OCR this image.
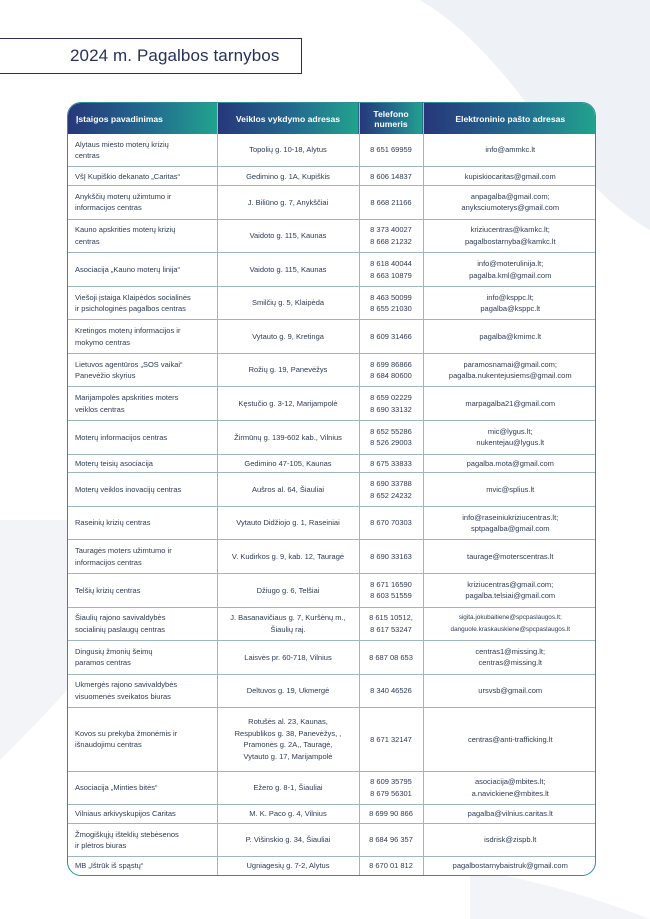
2024 m. Pagalbos tarnybos
Įstaigos pavadinimas	Veiklos vykdymo adresas	Telefono numeris	Elektroninio pašto adresas

Alytaus miesto moterų krizių
centras	Topolių g. 10-18, Alytus	8 651 69959	info@ammkc.lt

VšĮ Kupiškio dekanato „Caritas“	Gedimino g. 1A, Kupiškis	8 606 14837	kupiskiocaritas@gmail.com

Anykščių moterų užimtumo ir
informacijos centras	J. Biliūno g. 7, Anykščiai	8 668 21166	anpagalba@gmail.com;
anyksciumoterys@gmail.com

Kauno apskrities moterų krizių
centras	Vaidoto g. 115, Kaunas	8 373 40027
8 668 21232	kriziucentras@kamkc.lt;
pagalbostarnyba@kamkc.lt

Asociacija „Kauno moterų linija“	Vaidoto g. 115, Kaunas	8 618 40044
8 663 10879	info@moterulinija.lt;
pagalba.kml@gmail.com

Viešoji įstaiga Klaipėdos socialinės
ir psichologinės pagalbos centras	Smilčių g. 5, Klaipėda	8 463 50099
8 655 21030	info@ksppc.lt;
pagalba@ksppc.lt

Kretingos moterų informacijos ir
mokymo centras	Vytauto g. 9, Kretinga	8 609 31466	pagalba@kmimc.lt

Lietuvos agentūros „SOS vaikai“
Panevėžio skyrius	Rožių g. 19, Panevėžys	8 699 86866
8 684 80600	paramosnamai@gmail.com;
pagalba.nukentejusiems@gmail.com

Marijampolės apskrities moters
veiklos centras	Kęstučio g. 3-12, Marijampolė	8 659 02229
8 690 33132	marpagalba21@gmail.com

Moterų informacijos centras	Žirmūnų g. 139-602 kab., Vilnius	8 652 55286
8 526 29003	mic@lygus.lt;
nukentejau@lygus.lt

Moterų teisių asociacija	Gedimino 47-105, Kaunas	8 675 33833	pagalba.mota@gmail.com

Moterų veiklos inovacijų centras	Aušros al. 64, Šiauliai	8 690 33788
8 652 24232	mvic@splius.lt

Raseinių krizių centras	Vytauto Didžiojo g. 1, Raseiniai	8 670 70303	info@raseiniukriziucentras.lt;
sptpagalba@gmail.com

Tauragės moters užimtumo ir
informacijos centras	V. Kudirkos g. 9, kab. 12, Tauragė	8 690 33163	taurage@moterscentras.lt

Telšių krizių centras	Džiugo g. 6, Telšiai	8 671 16590
8 603 51559	kriziucentras@gmail.com;
pagalba.telsiai@gmail.com

Šiaulių rajono savivaldybės
socialinių paslaugų centras	J. Basanavičiaus g. 7, Kuršėnų m.,
Šiaulių raj.	8 615 10512,
8 617 53247	sigita.jokubaitiene@spcpaslaugos.lt;
danguole.kraskauskiene@spcpaslaugos.lt

Dingusių žmonių šeimų
paramos centras	Laisvės pr. 60-718, Vilnius	8 687 08 653	centras1@missing.lt;
centras@missing.lt

Ukmergės rajono savivaldybės
visuomenės sveikatos biuras	Deltuvos g. 19, Ukmergė	8 340 46526	ursvsb@gmail.com

Kovos su prekyba žmonėmis ir
išnaudojimu centras	Rotušės al. 23, Kaunas,
Respublikos g. 38, Panevėžys, ,
Pramonės g. 2A,, Tauragė,
Vytauto g. 17, Marijampolė	8 671 32147	centras@anti-trafficking.lt

Asociacija „Minties bitės“	Ežero g. 8-1, Šiauliai	8 609 35795
8 679 56301	asociacija@mbites.lt;
a.navickiene@mbites.lt

Vilniaus arkivyskupijos Caritas	M. K. Paco g. 4, Vilnius	8 699 90 866	pagalba@vilnius.caritas.lt

Žmogiškųjų išteklių stebėsenos
ir plėtros biuras	P. Višinskio g. 34, Šiauliai	8 684 96 357	isdrisk@zispb.lt

MB „Ištrūk iš spąstų“	Ugniagesių g. 7-2, Alytus	8 670 01 812	pagalbostarnybaistruk@gmail.com
